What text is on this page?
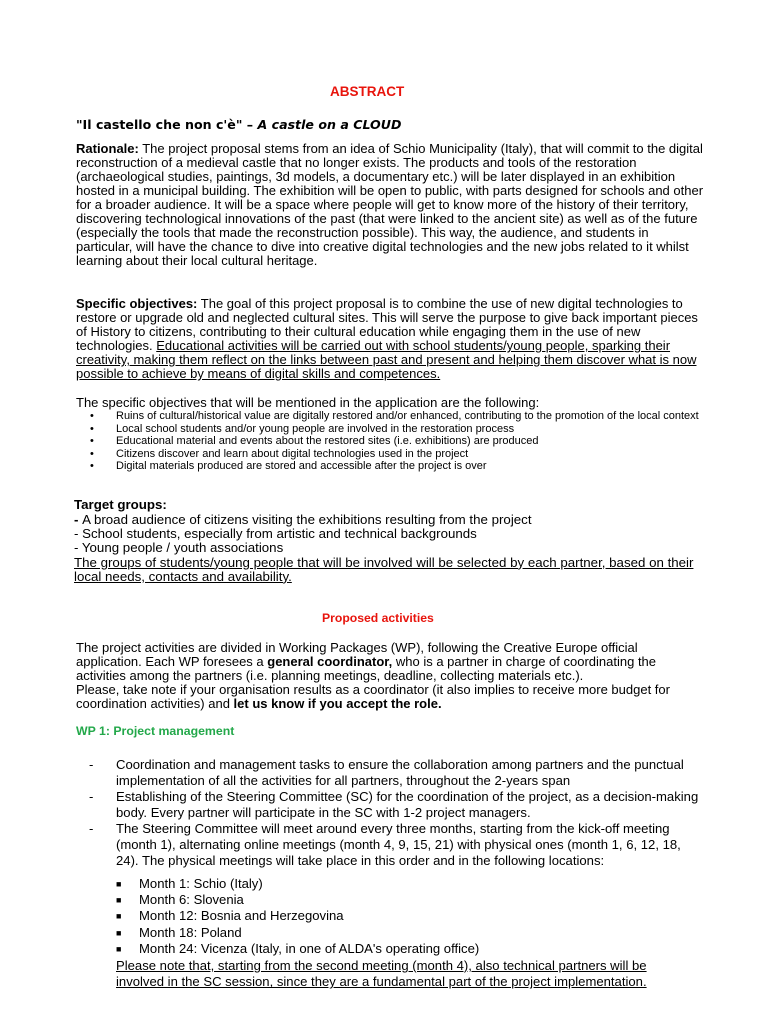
ABSTRACT
"Il castello che non c'è" – A castle on a CLOUD
Rationale: The project proposal stems from an idea of Schio Municipality (Italy), that will commit to the digital reconstruction of a medieval castle that no longer exists. The products and tools of the restoration (archaeological studies, paintings, 3d models, a documentary etc.) will be later displayed in an exhibition hosted in a municipal building. The exhibition will be open to public, with parts designed for schools and other for a broader audience. It will be a space where people will get to know more of the history of their territory, discovering technological innovations of the past (that were linked to the ancient site) as well as of the future (especially the tools that made the reconstruction possible). This way, the audience, and students in particular, will have the chance to dive into creative digital technologies and the new jobs related to it whilst learning about their local cultural heritage.
Specific objectives: The goal of this project proposal is to combine the use of new digital technologies to restore or upgrade old and neglected cultural sites. This will serve the purpose to give back important pieces of History to citizens, contributing to their cultural education while engaging them in the use of new technologies. Educational activities will be carried out with school students/young people, sparking their creativity, making them reflect on the links between past and present and helping them discover what is now possible to achieve by means of digital skills and competences.
The specific objectives that will be mentioned in the application are the following:
• Ruins of cultural/historical value are digitally restored and/or enhanced, contributing to the promotion of the local context
• Local school students and/or young people are involved in the restoration process
• Educational material and events about the restored sites (i.e. exhibitions) are produced
• Citizens discover and learn about digital technologies used in the project
• Digital materials produced are stored and accessible after the project is over
Target groups:
- A broad audience of citizens visiting the exhibitions resulting from the project
- School students, especially from artistic and technical backgrounds
- Young people / youth associations
The groups of students/young people that will be involved will be selected by each partner, based on their local needs, contacts and availability.
Proposed activities
The project activities are divided in Working Packages (WP), following the Creative Europe official application. Each WP foresees a general coordinator, who is a partner in charge of coordinating the activities among the partners (i.e. planning meetings, deadline, collecting materials etc.).
Please, take note if your organisation results as a coordinator (it also implies to receive more budget for coordination activities) and let us know if you accept the role.
WP 1: Project management
- Coordination and management tasks to ensure the collaboration among partners and the punctual implementation of all the activities for all partners, throughout the 2-years span
- Establishing of the Steering Committee (SC) for the coordination of the project, as a decision-making body. Every partner will participate in the SC with 1-2 project managers.
- The Steering Committee will meet around every three months, starting from the kick-off meeting (month 1), alternating online meetings (month 4, 9, 15, 21) with physical ones (month 1, 6, 12, 18, 24). The physical meetings will take place in this order and in the following locations:
■ Month 1: Schio (Italy)
■ Month 6: Slovenia
■ Month 12: Bosnia and Herzegovina
■ Month 18: Poland
■ Month 24: Vicenza (Italy, in one of ALDA's operating office)
Please note that, starting from the second meeting (month 4), also technical partners will be involved in the SC session, since they are a fundamental part of the project implementation.
